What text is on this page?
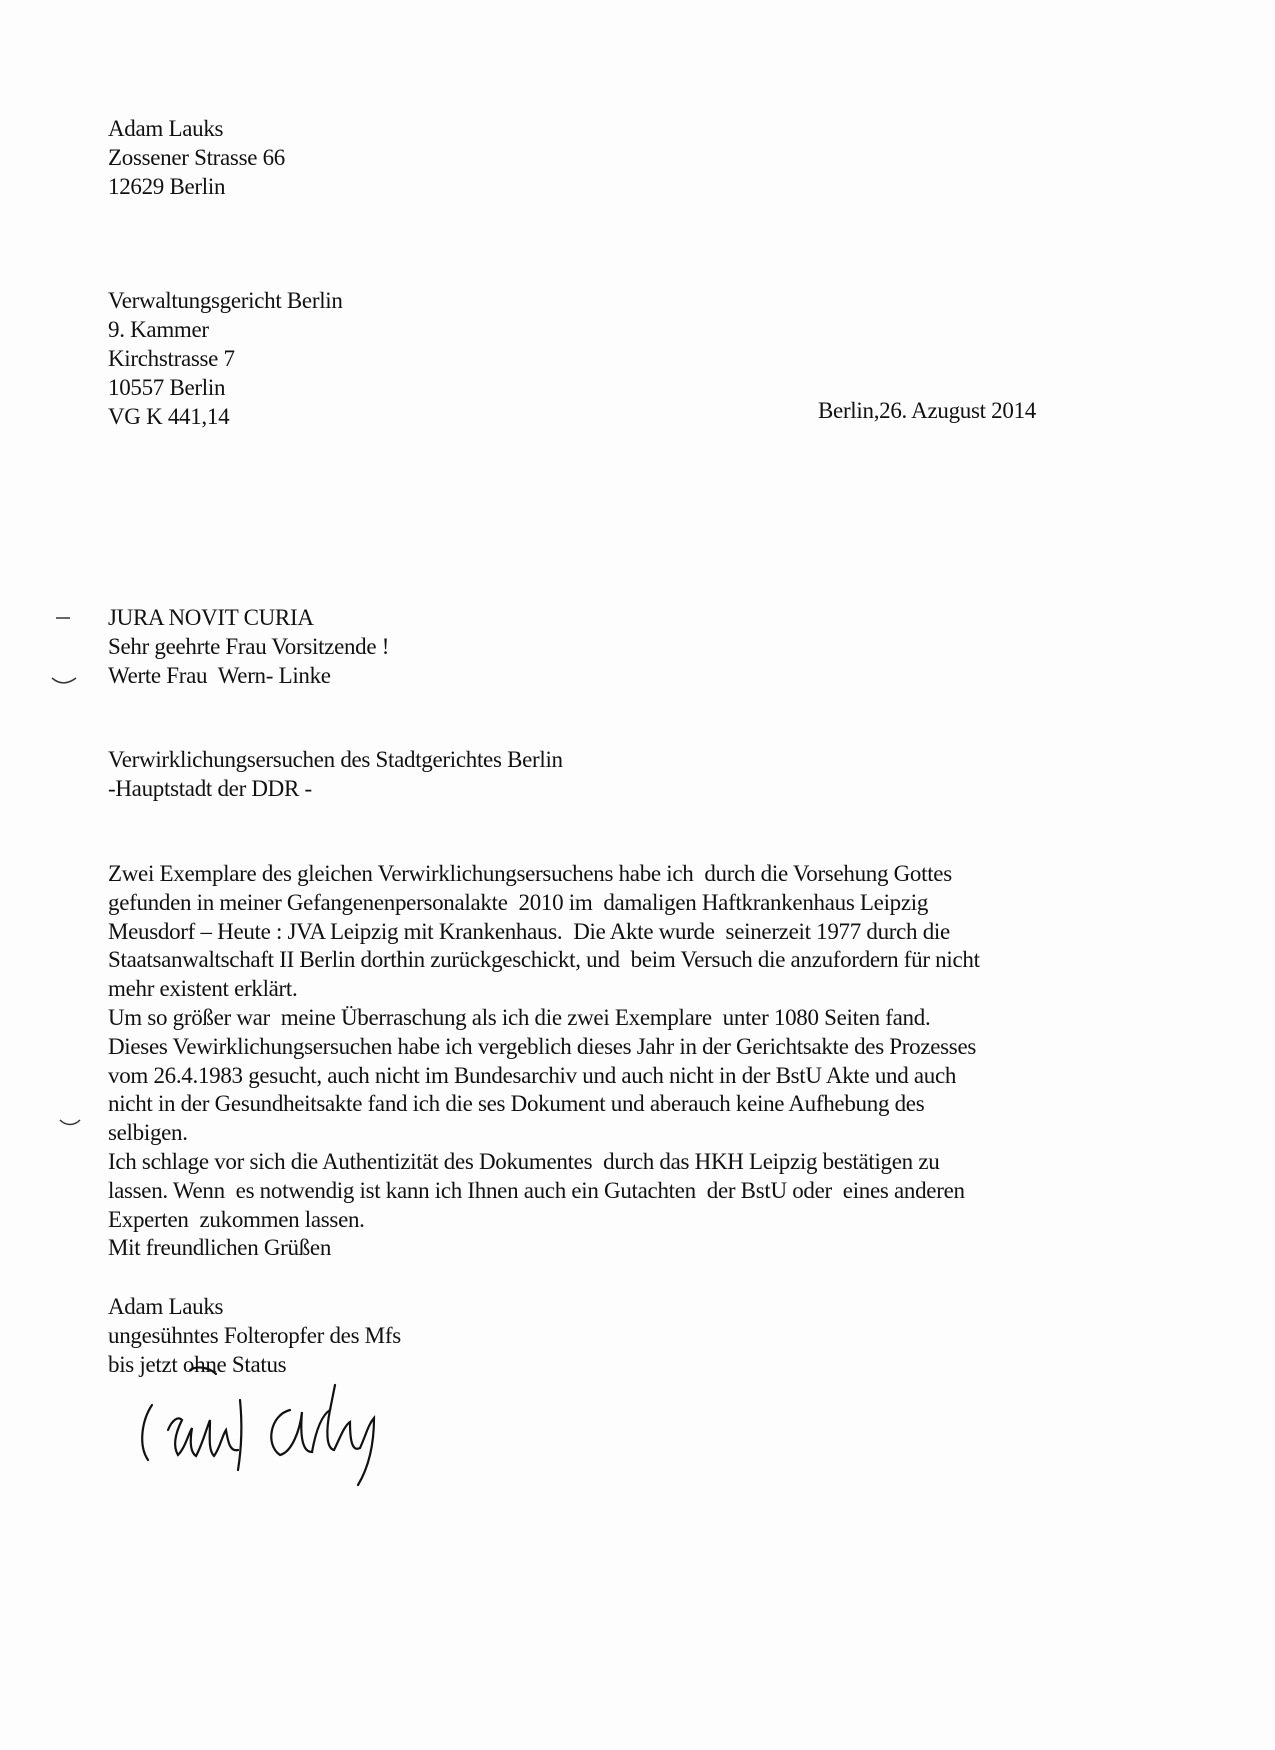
Adam Lauks
Zossener Strasse 66
12629 Berlin
Verwaltungsgericht Berlin
9. Kammer
Kirchstrasse 7
10557 Berlin
VG K 441,14	Berlin,26. Azugust 2014
JURA NOVIT CURIA
Sehr geehrte Frau Vorsitzende !
Werte Frau  Wern- Linke
Verwirklichungsersuchen des Stadtgerichtes Berlin
-Hauptstadt der DDR -
Zwei Exemplare des gleichen Verwirklichungsersuchens habe ich  durch die Vorsehung Gottes
gefunden in meiner Gefangenenpersonalakte  2010 im  damaligen Haftkrankenhaus Leipzig
Meusdorf – Heute : JVA Leipzig mit Krankenhaus.  Die Akte wurde  seinerzeit 1977 durch die
Staatsanwaltschaft II Berlin dorthin zurückgeschickt, und  beim Versuch die anzufordern für nicht
mehr existent erklärt.
Um so größer war  meine Überraschung als ich die zwei Exemplare  unter 1080 Seiten fand.
Dieses Vewirklichungsersuchen habe ich vergeblich dieses Jahr in der Gerichtsakte des Prozesses
vom 26.4.1983 gesucht, auch nicht im Bundesarchiv und auch nicht in der BstU Akte und auch
nicht in der Gesundheitsakte fand ich die ses Dokument und aberauch keine Aufhebung des
selbigen.
Ich schlage vor sich die Authentizität des Dokumentes  durch das HKH Leipzig bestätigen zu
lassen. Wenn  es notwendig ist kann ich Ihnen auch ein Gutachten  der BstU oder  eines anderen
Experten  zukommen lassen.
Mit freundlichen Grüßen
Adam Lauks
ungesühntes Folteropfer des Mfs
bis jetzt ohne Status
